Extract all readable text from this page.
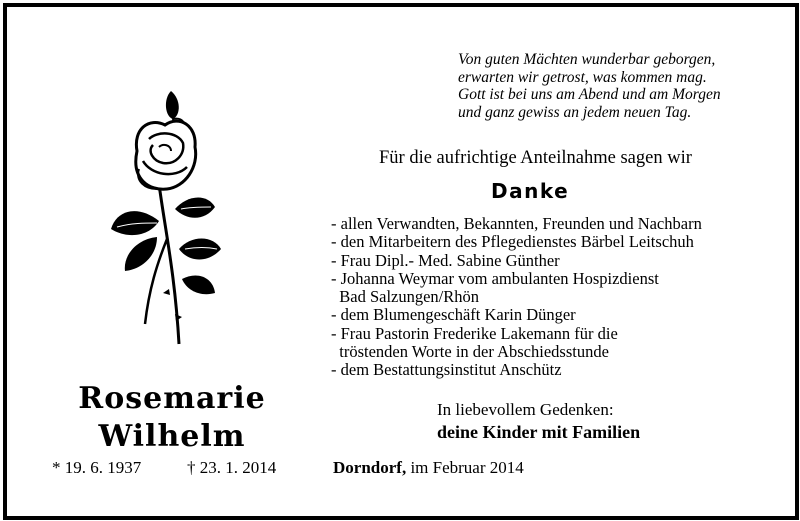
Von guten Mächten wunderbar geborgen,
erwarten wir getrost, was kommen mag.
Gott ist bei uns am Abend und am Morgen
und ganz gewiss an jedem neuen Tag.
Für die aufrichtige Anteilnahme sagen wir
Danke
- allen Verwandten, Bekannten, Freunden und Nachbarn
- den Mitarbeitern des Pflegedienstes Bärbel Leitschuh
- Frau Dipl.- Med. Sabine Günther
- Johanna Weymar vom ambulanten Hospizdienst
Bad Salzungen/Rhön
- dem Blumengeschäft Karin Dünger
- Frau Pastorin Frederike Lakemann für die
tröstenden Worte in der Abschiedsstunde
- dem Bestattungsinstitut Anschütz
Rosemarie
Wilhelm
* 19. 6. 1937	† 23. 1. 2014
In liebevollem Gedenken:
deine Kinder mit Familien
Dorndorf, im Februar 2014
